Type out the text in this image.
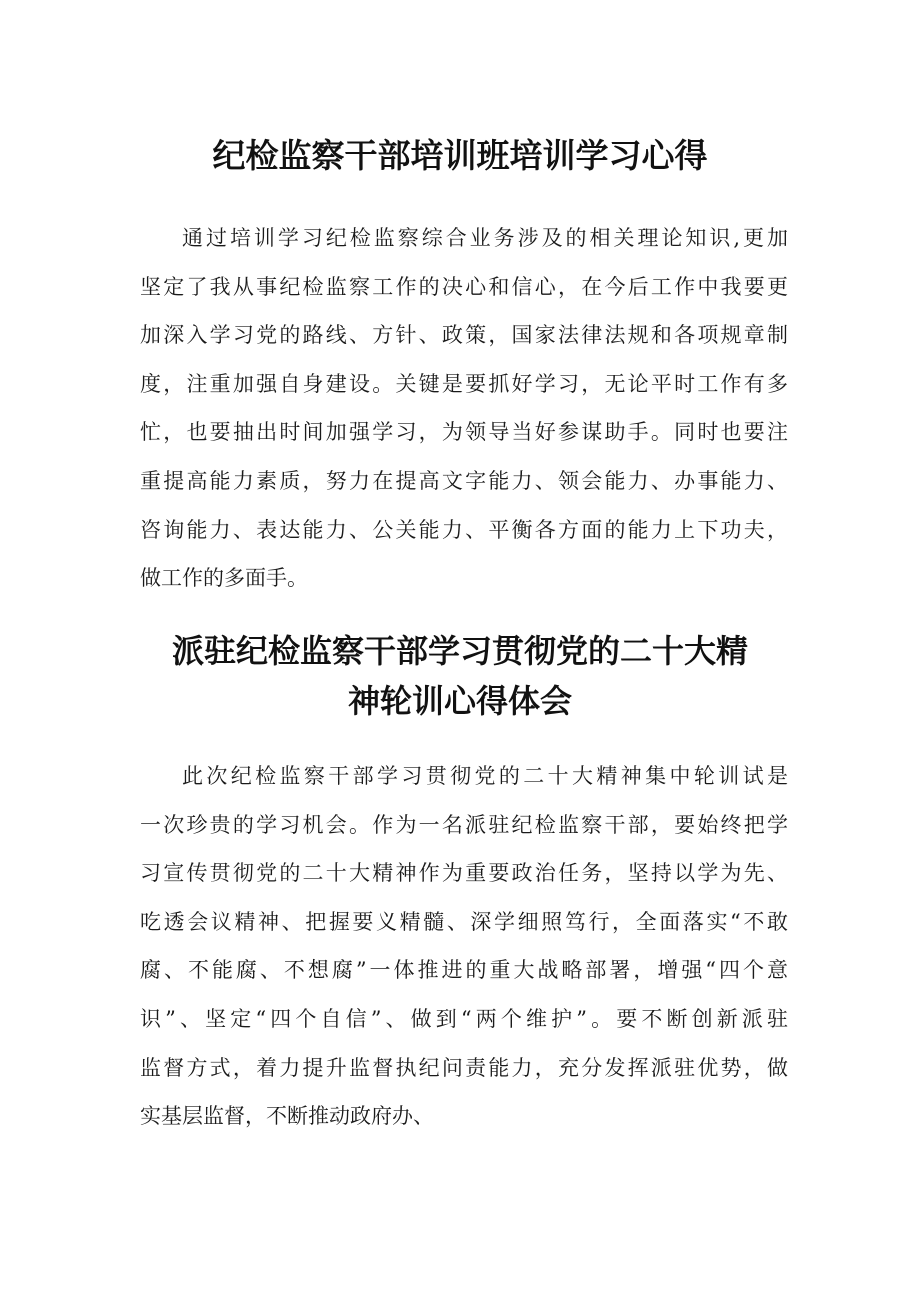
纪检监察干部培训班培训学习心得
通过培训学习纪检监察综合业务涉及的相关理论知识,更加
坚定了我从事纪检监察工作的决心和信心，在今后工作中我要更
加深入学习党的路线、方针、政策，国家法律法规和各项规章制
度，注重加强自身建设。关键是要抓好学习，无论平时工作有多
忙，也要抽出时间加强学习，为领导当好参谋助手。同时也要注
重提高能力素质，努力在提高文字能力、领会能力、办事能力、
咨询能力、表达能力、公关能力、平衡各方面的能力上下功夫，
做工作的多面手。
派驻纪检监察干部学习贯彻党的二十大精
神轮训心得体会
此次纪检监察干部学习贯彻党的二十大精神集中轮训试是
一次珍贵的学习机会。作为一名派驻纪检监察干部，要始终把学
习宣传贯彻党的二十大精神作为重要政治任务，坚持以学为先、
吃透会议精神、把握要义精髓、深学细照笃行，全面落实“不敢
腐、不能腐、不想腐”一体推进的重大战略部署，增强“四个意
识”、坚定“四个自信”、做到“两个维护”。要不断创新派驻
监督方式，着力提升监督执纪问责能力，充分发挥派驻优势，做
实基层监督，不断推动政府办、
